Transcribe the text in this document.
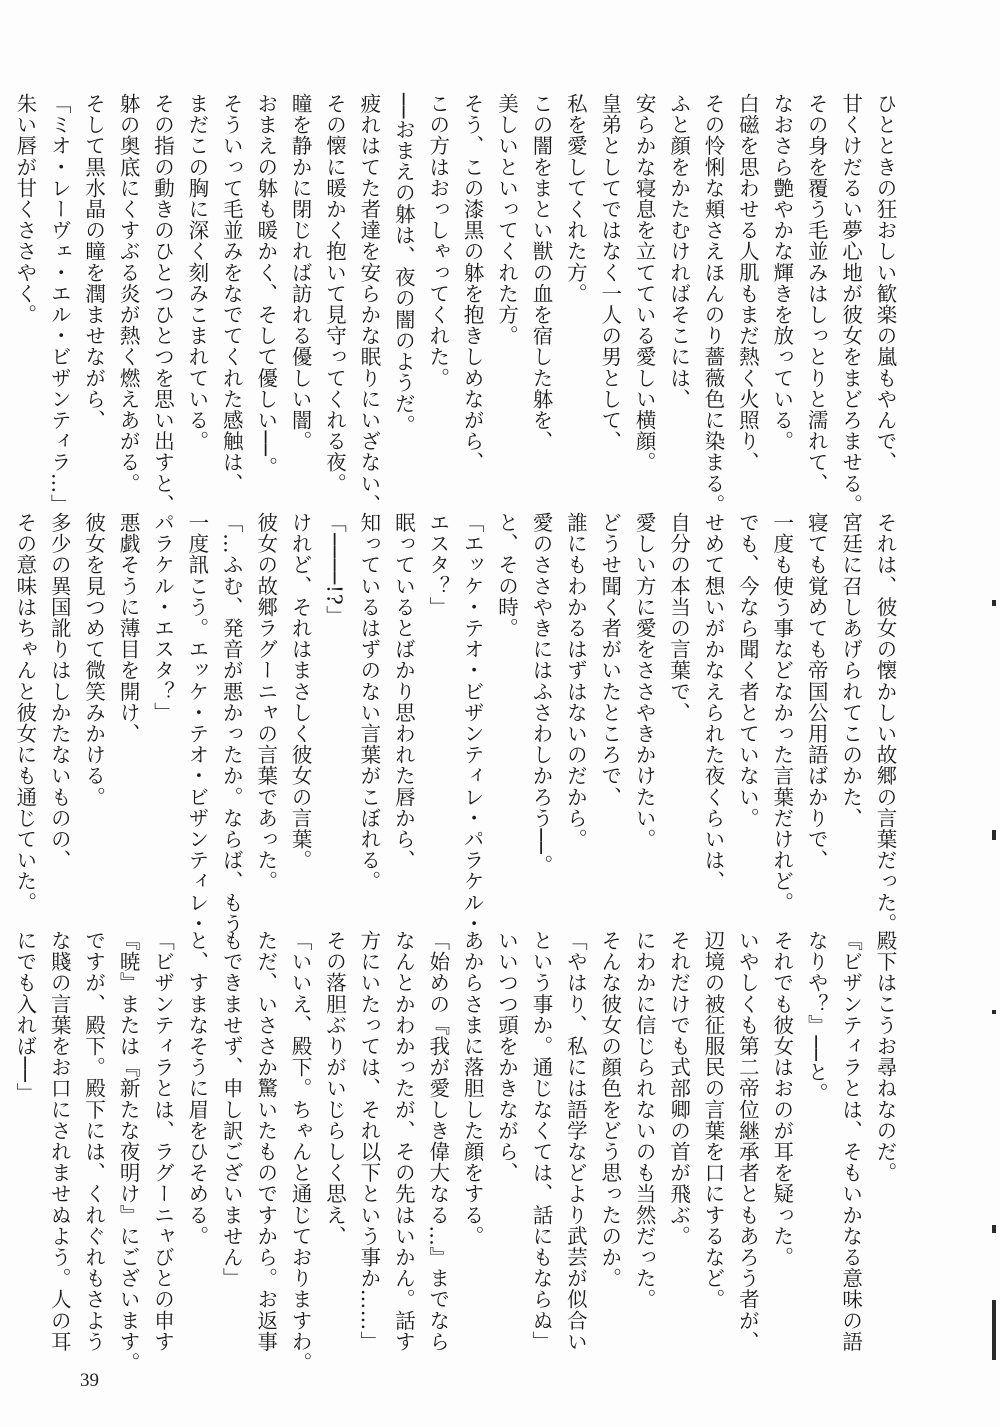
ひとときの狂おしい歓楽の嵐もやんで、
甘くけだるい夢心地が彼女をまどろませる。
その身を覆う毛並みはしっとりと濡れて、
なおさら艶やかな輝きを放っている。
白磁を思わせる人肌もまだ熱く火照り、
その怜悧な頬さえほんのり薔薇色に染まる。
ふと顔をかたむければそこには、
安らかな寝息を立てている愛しい横顔。
皇弟としてではなく一人の男として、
私を愛してくれた方。
この闇をまとい獣の血を宿した躰を、
美しいといってくれた方。
そう、この漆黒の躰を抱きしめながら、
この方はおっしゃってくれた。
──おまえの躰は、夜の闇のようだ。
疲れはてた者達を安らかな眠りにいざない、
その懐に暖かく抱いて見守ってくれる夜。
瞳を静かに閉じれば訪れる優しい闇。
おまえの躰も暖かく、そして優しい──。
そういって毛並みをなでてくれた感触は、
まだこの胸に深く刻みこまれている。
その指の動きのひとつひとつを思い出すと、
躰の奥底にくすぶる炎が熱く燃えあがる。
そして黒水晶の瞳を潤ませながら、
「ミオ・レーヴェ・エル・ビザンティラ…」
朱い唇が甘くささやく。
それは、彼女の懐かしい故郷の言葉だった。
宮廷に召しあげられてこのかた、
寝ても覚めても帝国公用語ばかりで、
一度も使う事などなかった言葉だけれど。
でも、今なら聞く者とていない。
せめて想いがかなえられた夜くらいは、
自分の本当の言葉で、
愛しい方に愛をささやきかけたい。
どうせ聞く者がいたところで、
誰にもわかるはずはないのだから。
愛のささやきにはふさわしかろう──。
と、その時。
「エッケ・テオ・ビザンティレ・パラケル・
エスタ？」
眠っているとばかり思われた唇から、
知っているはずのない言葉がこぼれる。
「────!?」
けれど、それはまさしく彼女の言葉。
彼女の故郷ラグーニャの言葉であった。
「…ふむ、発音が悪かったか。ならば、もう
一度訊こう。エッケ・テオ・ビザンティレ・
パラケル・エスタ？」
悪戯そうに薄目を開け、
彼女を見つめて微笑みかける。
多少の異国訛りはしかたないものの、
その意味はちゃんと彼女にも通じていた。
殿下はこうお尋ねなのだ。
『ビザンティラとは、そもいかなる意味の語
なりや？』──と。
それでも彼女はおのが耳を疑った。
いやしくも第二帝位継承者ともあろう者が、
辺境の被征服民の言葉を口にするなど。
それだけでも式部卿の首が飛ぶ。
にわかに信じられないのも当然だった。
そんな彼女の顔色をどう思ったのか。
「やはり、私には語学などより武芸が似合い
という事か。通じなくては、話にもならぬ」
いいつつ頭をかきながら、
あからさまに落胆した顔をする。
「始めの『我が愛しき偉大なる…』までなら
なんとかわかったが、その先はいかん。話す
方にいたっては、それ以下という事か……」
その落胆ぶりがいじらしく思え、
「いいえ、殿下。ちゃんと通じておりますわ。
ただ、いささか驚いたものですから。お返事
もできませず、申し訳ございません」
と、すまなそうに眉をひそめる。
「ビザンティラとは、ラグーニャびとの申す
『暁』または『新たな夜明け』にございます。
ですが、殿下。殿下には、くれぐれもさよう
な賤の言葉をお口にされませぬよう。人の耳
にでも入れば──」
39
